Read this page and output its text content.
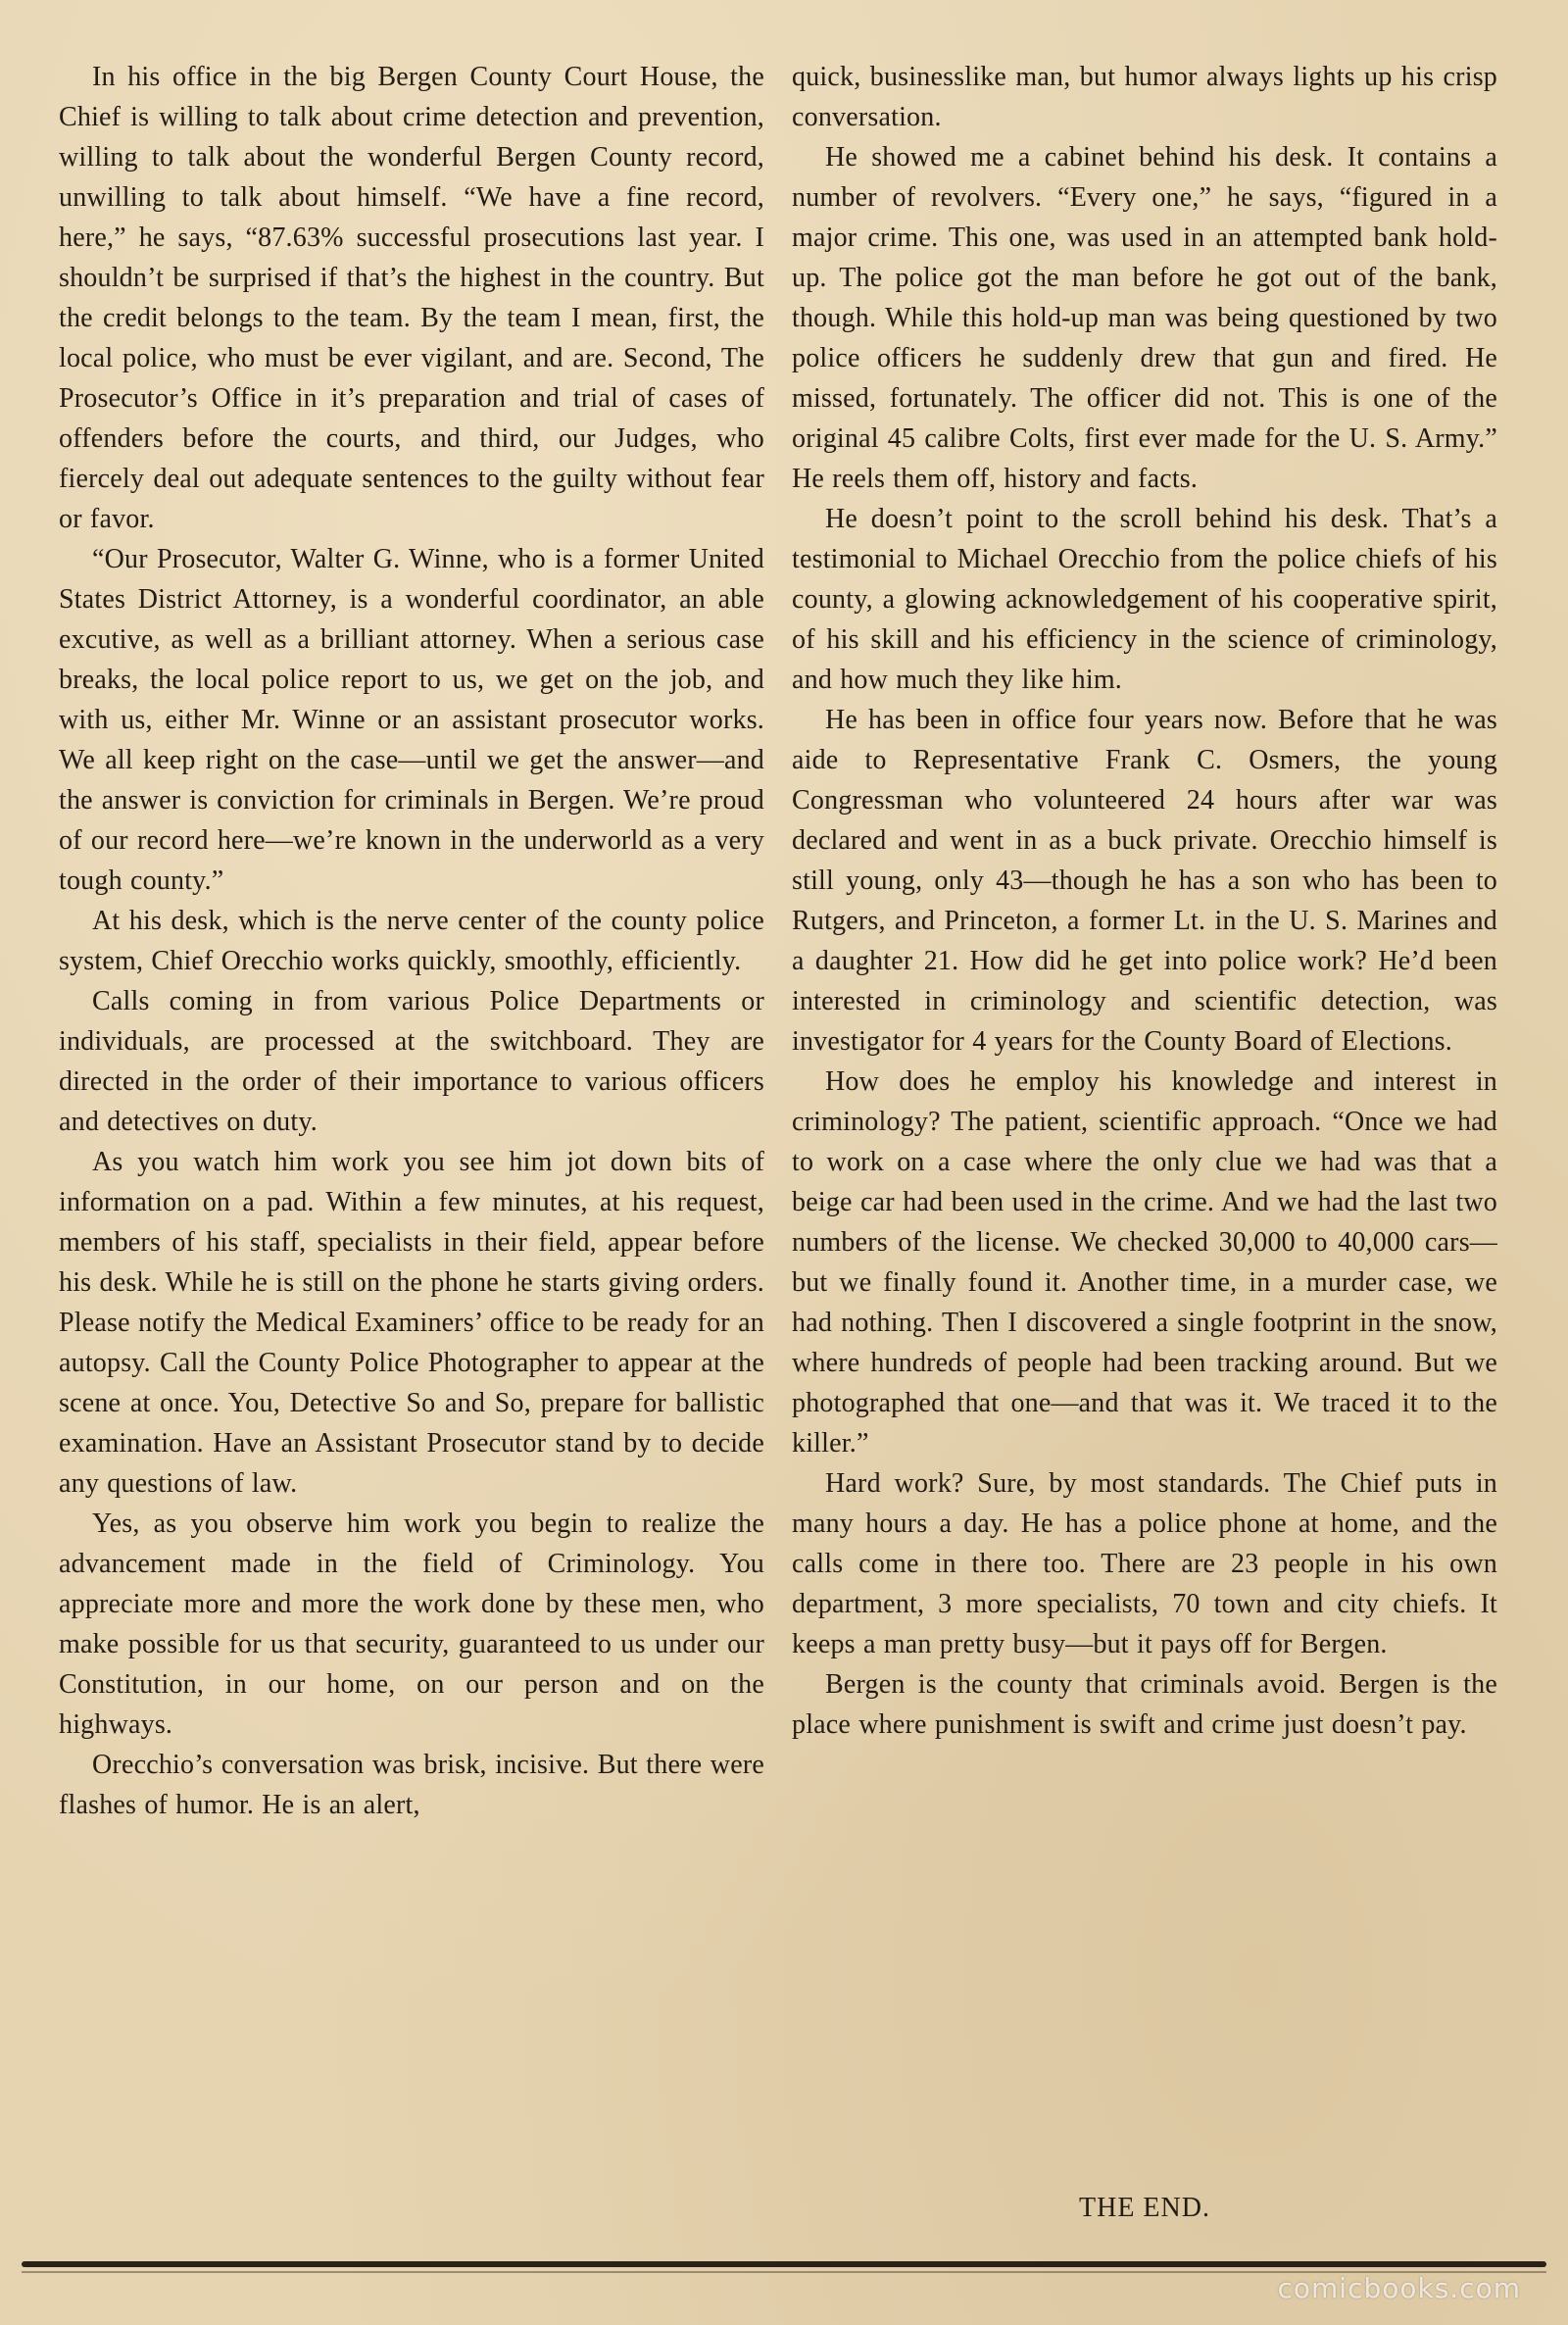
In his office in the big Bergen County Court House, the Chief is willing to talk about crime detection and prevention, willing to talk about the wonderful Bergen County record, unwilling to talk about himself. “We have a fine record, here,” he says, “87.63% successful prosecutions last year. I shouldn’t be surprised if that’s the highest in the country. But the credit belongs to the team. By the team I mean, first, the local police, who must be ever vigilant, and are. Second, The Prosecutor’s Office in it’s preparation and trial of cases of offenders before the courts, and third, our Judges, who fiercely deal out adequate sentences to the guilty without fear or favor.

“Our Prosecutor, Walter G. Winne, who is a former United States District Attorney, is a wonderful coordinator, an able excutive, as well as a brilliant attorney. When a serious case breaks, the local police report to us, we get on the job, and with us, either Mr. Winne or an assistant prosecutor works. We all keep right on the case—until we get the answer—and the answer is conviction for criminals in Bergen. We’re proud of our record here—we’re known in the underworld as a very tough county.”

At his desk, which is the nerve center of the county police system, Chief Orecchio works quickly, smoothly, efficiently.

Calls coming in from various Police Departments or individuals, are processed at the switchboard. They are directed in the order of their importance to various officers and detectives on duty.

As you watch him work you see him jot down bits of information on a pad. Within a few minutes, at his request, members of his staff, specialists in their field, appear before his desk. While he is still on the phone he starts giving orders. Please notify the Medical Examiners’ office to be ready for an autopsy. Call the County Police Photographer to appear at the scene at once. You, Detective So and So, prepare for ballistic examination. Have an Assistant Prosecutor stand by to decide any questions of law.

Yes, as you observe him work you begin to realize the advancement made in the field of Criminology. You appreciate more and more the work done by these men, who make possible for us that security, guaranteed to us under our Constitution, in our home, on our person and on the highways.

Orecchio’s conversation was brisk, incisive. But there were flashes of humor. He is an alert,

quick, businesslike man, but humor always lights up his crisp conversation.

He showed me a cabinet behind his desk. It contains a number of revolvers. “Every one,” he says, “figured in a major crime. This one, was used in an attempted bank hold-up. The police got the man before he got out of the bank, though. While this hold-up man was being questioned by two police officers he suddenly drew that gun and fired. He missed, fortunately. The officer did not. This is one of the original 45 calibre Colts, first ever made for the U. S. Army.” He reels them off, history and facts.

He doesn’t point to the scroll behind his desk. That’s a testimonial to Michael Orecchio from the police chiefs of his county, a glowing acknowledgement of his cooperative spirit, of his skill and his efficiency in the science of criminology, and how much they like him.

He has been in office four years now. Before that he was aide to Representative Frank C. Osmers, the young Congressman who volunteered 24 hours after war was declared and went in as a buck private. Orecchio himself is still young, only 43—though he has a son who has been to Rutgers, and Princeton, a former Lt. in the U. S. Marines and a daughter 21. How did he get into police work? He’d been interested in criminology and scientific detection, was investigator for 4 years for the County Board of Elections.

How does he employ his knowledge and interest in criminology? The patient, scientific approach. “Once we had to work on a case where the only clue we had was that a beige car had been used in the crime. And we had the last two numbers of the license. We checked 30,000 to 40,000 cars—but we finally found it. Another time, in a murder case, we had nothing. Then I discovered a single footprint in the snow, where hundreds of people had been tracking around. But we photographed that one—and that was it. We traced it to the killer.”

Hard work? Sure, by most standards. The Chief puts in many hours a day. He has a police phone at home, and the calls come in there too. There are 23 people in his own department, 3 more specialists, 70 town and city chiefs. It keeps a man pretty busy—but it pays off for Bergen.

Bergen is the county that criminals avoid. Bergen is the place where punishment is swift and crime just doesn’t pay.

THE END.
comicbooks.com
